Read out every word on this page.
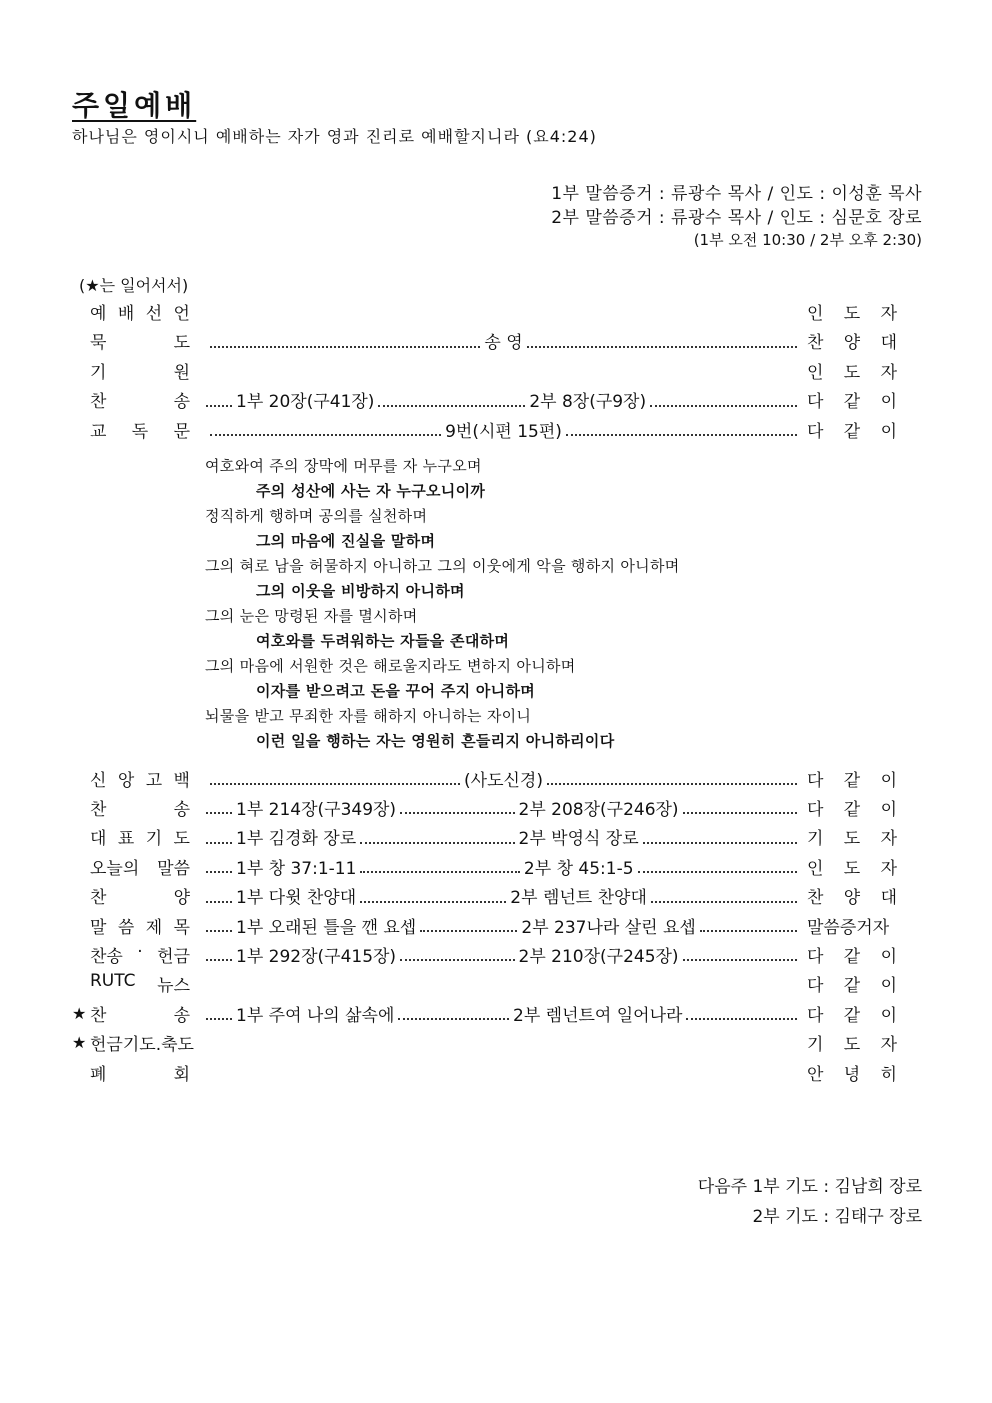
주일예배
하나님은 영이시니 예배하는 자가 영과 진리로 예배할지니라 (요4:24)
1부 말씀증거 : 류광수 목사 / 인도 : 이성훈 목사
2부 말씀증거 : 류광수 목사 / 인도 : 심문호 장로
(1부 오전 10:30 / 2부 오후 2:30)
(★는 일어서서)
예 배 선 언	인 도 자
묵	도	송 영	찬 양 대
기	원	인 도 자
찬	송	1부 20장(구41장)	2부 8장(구9장)	다 같 이
교 독 문	9번(시편 15편)	다 같 이
여호와여 주의 장막에 머무를 자 누구오며
주의 성산에 사는 자 누구오니이까
정직하게 행하며 공의를 실천하며
그의 마음에 진실을 말하며
그의 혀로 남을 허물하지 아니하고 그의 이웃에게 악을 행하지 아니하며
그의 이웃을 비방하지 아니하며
그의 눈은 망령된 자를 멸시하며
여호와를 두려워하는 자들을 존대하며
그의 마음에 서원한 것은 해로울지라도 변하지 아니하며
이자를 받으려고 돈을 꾸어 주지 아니하며
뇌물을 받고 무죄한 자를 해하지 아니하는 자이니
이런 일을 행하는 자는 영원히 흔들리지 아니하리이다
신 앙 고 백	(사도신경)	다 같 이
찬	송	1부 214장(구349장)	2부 208장(구246장)	다 같 이
대 표 기 도	1부 김경화 장로	2부 박영식 장로	기 도 자
오늘의 말씀	1부 창 37:1-11	2부 창 45:1-5	인 도 자
찬	양	1부 다윗 찬양대	2부 렘넌트 찬양대	찬 양 대
말 씀 제 목	1부 오래된 틀을 깬 요셉	2부 237나라 살린 요셉	말씀증거자
찬송 · 헌금	1부 292장(구415장)	2부 210장(구245장)	다 같 이
RUTC 뉴스	다 같 이
★ 찬	송	1부 주여 나의 삶속에	2부 렘넌트여 일어나라	다 같 이
★ 헌금기도.축도	기 도 자
폐	회	안 녕 히
다음주 1부 기도 : 김남희 장로
2부 기도 : 김태구 장로
